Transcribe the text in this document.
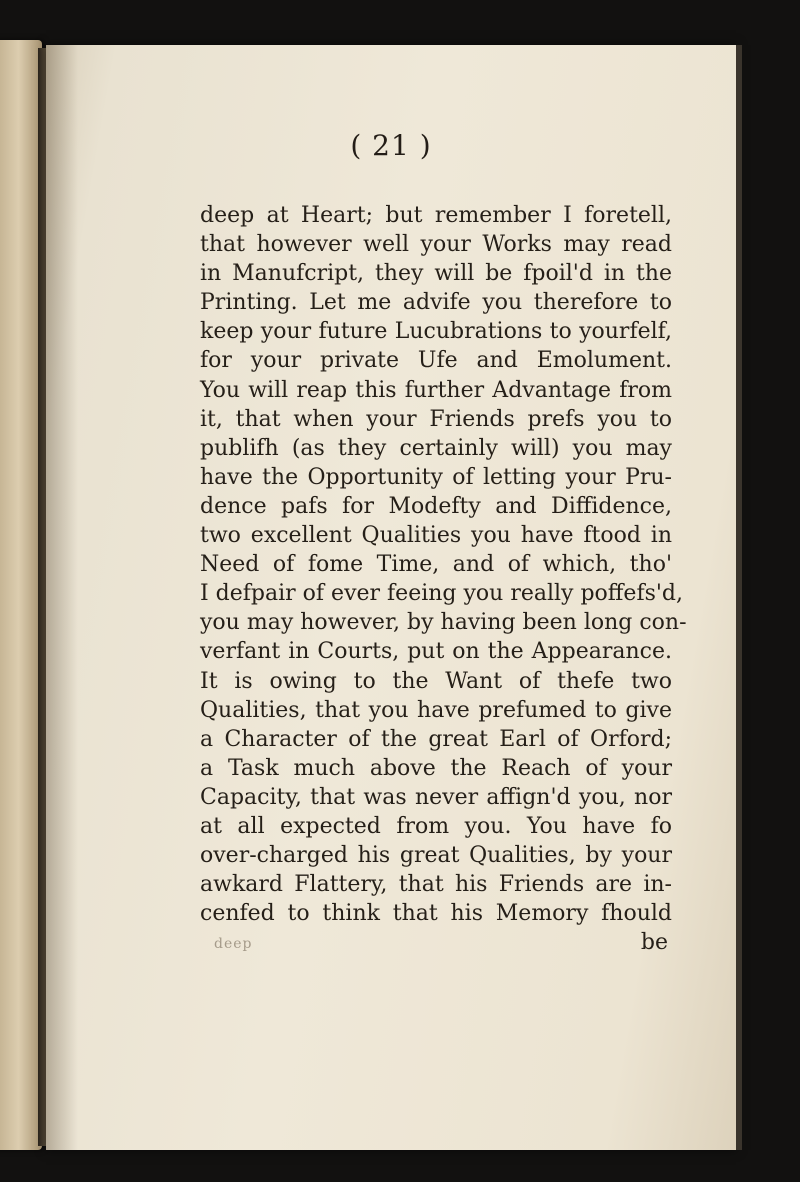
( 21 )
deep at Heart; but remember I foretell,
that however well your Works may read
in Manufcript, they will be fpoil'd in the
Printing. Let me advife you therefore to
keep your future Lucubrations to yourfelf,
for your private Ufe and Emolument.
You will reap this further Advantage from
it, that when your Friends prefs you to
publifh (as they certainly will) you may
have the Opportunity of letting your Pru-
dence pafs for Modefty and Diffidence,
two excellent Qualities you have ftood in
Need of fome Time, and of which, tho'
I defpair of ever feeing you really poffefs'd,
you may however, by having been long con-
verfant in Courts, put on the Appearance.
It is owing to the Want of thefe two
Qualities, that you have prefumed to give
a Character of the great Earl of Orford;
a Task much above the Reach of your
Capacity, that was never affign'd you, nor
at all expected from you. You have fo
over-charged his great Qualities, by your
awkard Flattery, that his Friends are in-
cenfed to think that his Memory fhould
deep	be
